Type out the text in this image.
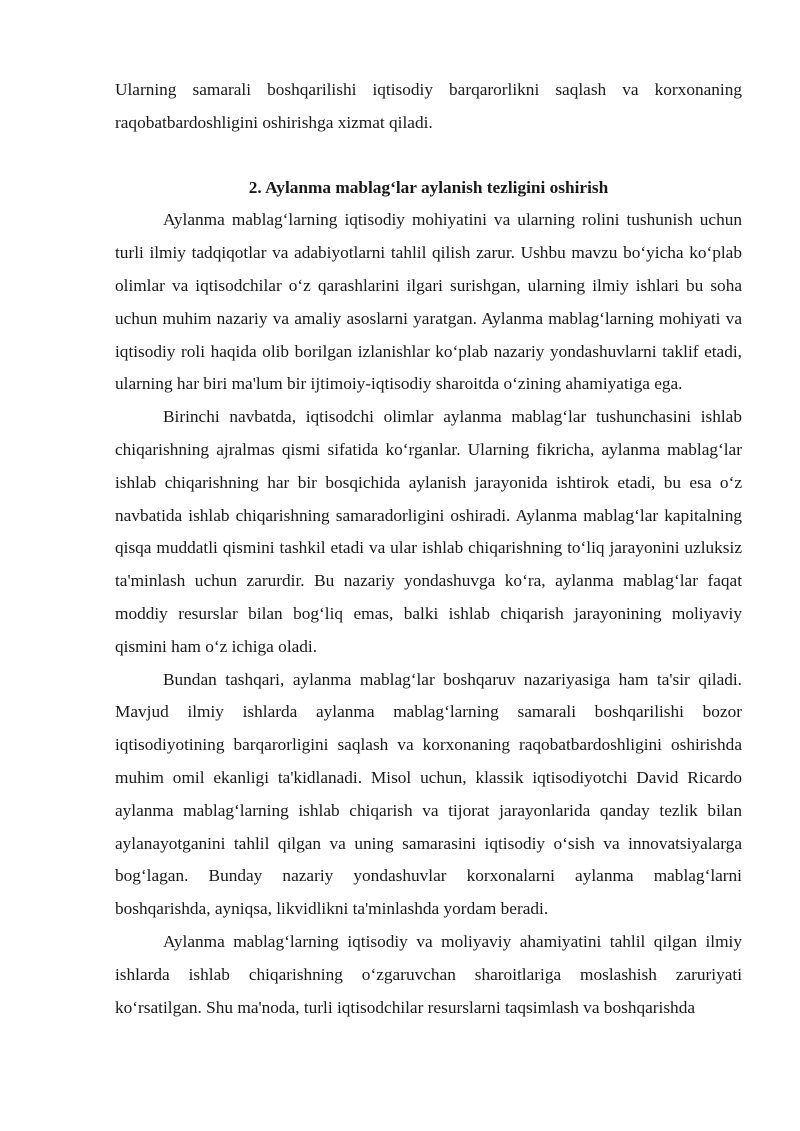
Ularning samarali boshqarilishi iqtisodiy barqarorlikni saqlash va korxonaning raqobatbardoshligini oshirishga xizmat qiladi.

2. Aylanma mablag‘lar aylanish tezligini oshirish

Aylanma mablag‘larning iqtisodiy mohiyatini va ularning rolini tushunish uchun turli ilmiy tadqiqotlar va adabiyotlarni tahlil qilish zarur. Ushbu mavzu bo‘yicha ko‘plab olimlar va iqtisodchilar o‘z qarashlarini ilgari surishgan, ularning ilmiy ishlari bu soha uchun muhim nazariy va amaliy asoslarni yaratgan. Aylanma mablag‘larning mohiyati va iqtisodiy roli haqida olib borilgan izlanishlar ko‘plab nazariy yondashuvlarni taklif etadi, ularning har biri ma'lum bir ijtimoiy-iqtisodiy sharoitda o‘zining ahamiyatiga ega.

Birinchi navbatda, iqtisodchi olimlar aylanma mablag‘lar tushunchasini ishlab chiqarishning ajralmas qismi sifatida ko‘rganlar. Ularning fikricha, aylanma mablag‘lar ishlab chiqarishning har bir bosqichida aylanish jarayonida ishtirok etadi, bu esa o‘z navbatida ishlab chiqarishning samaradorligini oshiradi. Aylanma mablag‘lar kapitalning qisqa muddatli qismini tashkil etadi va ular ishlab chiqarishning to‘liq jarayonini uzluksiz ta'minlash uchun zarurdir. Bu nazariy yondashuvga ko‘ra, aylanma mablag‘lar faqat moddiy resurslar bilan bog‘liq emas, balki ishlab chiqarish jarayonining moliyaviy qismini ham o‘z ichiga oladi.

Bundan tashqari, aylanma mablag‘lar boshqaruv nazariyasiga ham ta'sir qiladi. Mavjud ilmiy ishlarda aylanma mablag‘larning samarali boshqarilishi bozor iqtisodiyotining barqarorligini saqlash va korxonaning raqobatbardoshligini oshirishda muhim omil ekanligi ta'kidlanadi. Misol uchun, klassik iqtisodiyotchi David Ricardo aylanma mablag‘larning ishlab chiqarish va tijorat jarayonlarida qanday tezlik bilan aylanayotganini tahlil qilgan va uning samarasini iqtisodiy o‘sish va innovatsiyalarga bog‘lagan. Bunday nazariy yondashuvlar korxonalarni aylanma mablag‘larni boshqarishda, ayniqsa, likvidlikni ta'minlashda yordam beradi.

Aylanma mablag‘larning iqtisodiy va moliyaviy ahamiyatini tahlil qilgan ilmiy ishlarda ishlab chiqarishning o‘zgaruvchan sharoitlariga moslashish zaruriyati ko‘rsatilgan. Shu ma'noda, turli iqtisodchilar resurslarni taqsimlash va boshqarishda
